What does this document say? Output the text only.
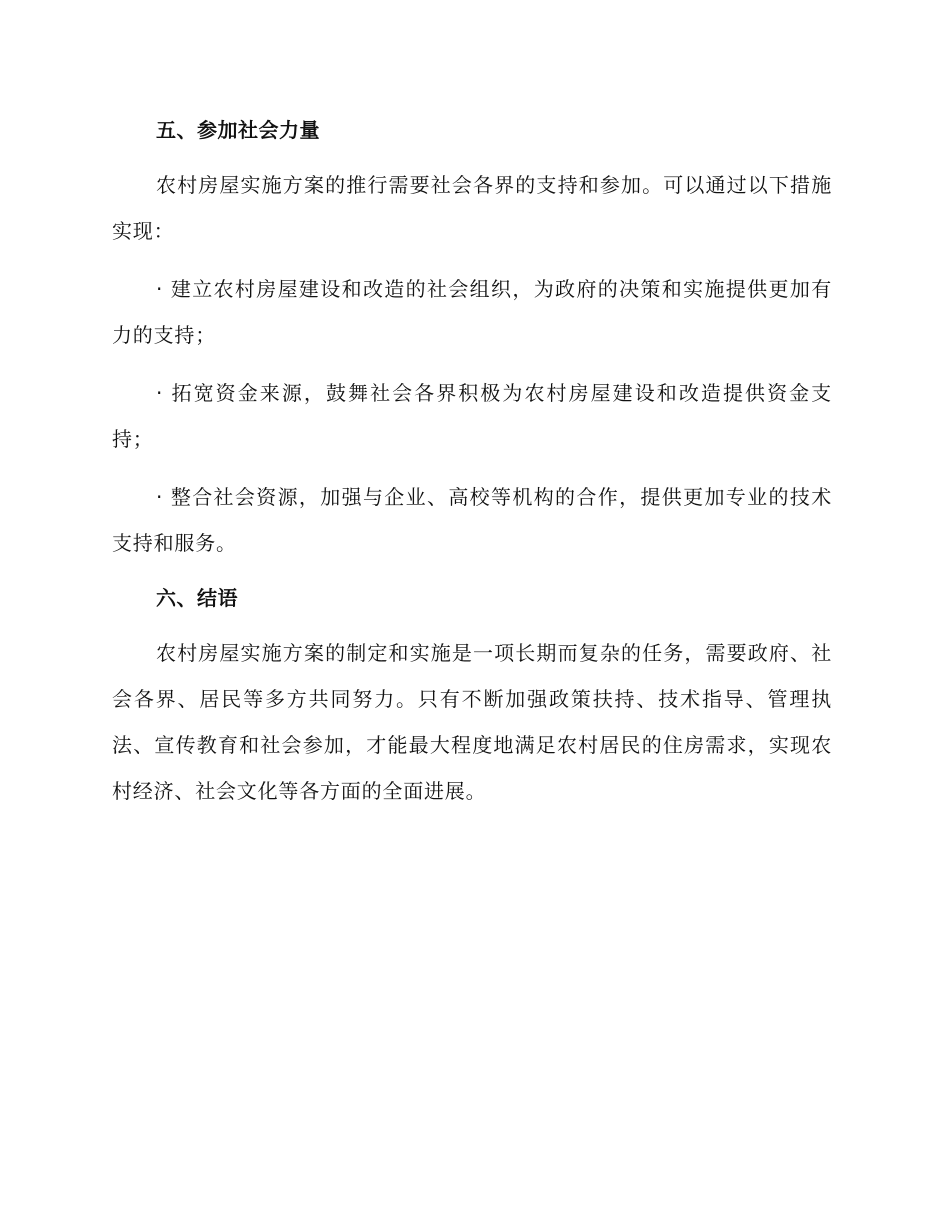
五、参加社会力量

农村房屋实施方案的推行需要社会各界的支持和参加。可以通过以下措施实现：

· 建立农村房屋建设和改造的社会组织，为政府的决策和实施提供更加有力的支持；

· 拓宽资金来源，鼓舞社会各界积极为农村房屋建设和改造提供资金支持；

· 整合社会资源，加强与企业、高校等机构的合作，提供更加专业的技术支持和服务。

六、结语

农村房屋实施方案的制定和实施是一项长期而复杂的任务，需要政府、社会各界、居民等多方共同努力。只有不断加强政策扶持、技术指导、管理执法、宣传教育和社会参加，才能最大程度地满足农村居民的住房需求，实现农村经济、社会文化等各方面的全面进展。
